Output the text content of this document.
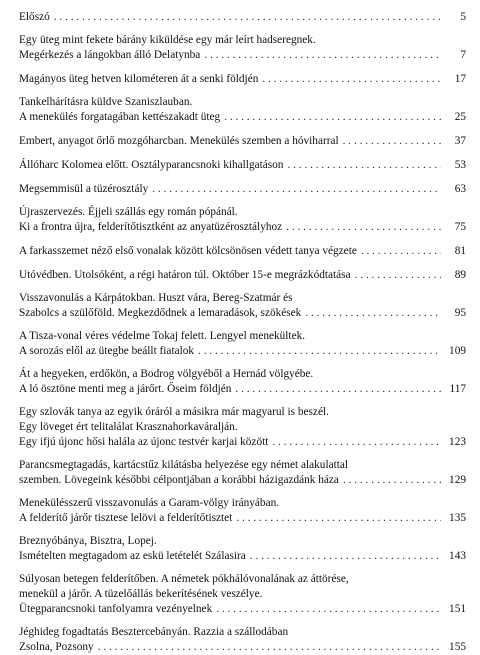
Előszó . . .	5
Egy üteg mint fekete bárány kiküldése egy már leírt hadseregnek.
Megérkezés a lángokban álló Delatynba . . .	7
Magányos üteg hetven kilométeren át a senki földjén . . .	17
Tankelhárításra küldve Szaniszlauban.
A menekülés forgatagában kettészakadt üteg . . .	25
Embert, anyagot őrlő mozgóharcban. Menekülés szemben a hóviharral . . .	37
Állóharc Kolomea előtt. Osztályparancsnoki kihallgatáson . . .	53
Megsemmisül a tüzérosztály . . .	63
Újraszervezés. Éjjeli szállás egy román pópánál.
Ki a frontra újra, felderítőtisztként az anyatüzérosztályhoz . . .	75
A farkasszemet néző első vonalak között kölcsönösen védett tanya végzete . . .	81
Utóvédben. Utolsóként, a régi határon túl. Október 15-e megrázkódtatása . . .	89
Visszavonulás a Kárpátokban. Huszt vára, Bereg-Szatmár és
Szabolcs a szülőföld. Megkezdődnek a lemaradások, szökések . . .	95
A Tisza-vonal véres védelme Tokaj felett. Lengyel menekültek.
A sorozás elől az ütegbe beállt fiatalok . . .	109
Át a hegyeken, erdőkön, a Bodrog völgyéből a Hernád völgyébe.
A ló ösztöne menti meg a járőrt. Őseim földjén . . .	117
Egy szlovák tanya az egyik óráról a másikra már magyarul is beszél.
Egy löveget ért telitalálat Krasznahorkaváralján.
Egy ifjú újonc hősi halála az újonc testvér karjai között . . .	123
Parancsmegtagadás, kartácstűz kilátásba helyezése egy német alakulattal
szemben. Lövegeink későbbi célpontjában a korábbi házigazdánk háza . . .	129
Menekülésszerű visszavonulás a Garam-völgy irányában.
A felderítő járőr tisztese lelövi a felderítőtisztet . . .	135
Breznyóbánya, Bisztra, Lopej.
Ismételten megtagadom az eskü letételét Szálasira . . .	143
Súlyosan betegen felderítőben. A németek pókhálóvonalának az áttörése,
menekül a járőr. A tüzelőállás bekerítésének veszélye.
Ütegparancsnoki tanfolyamra vezényelnek . . .	151
Jéghideg fogadtatás Besztercebányán. Razzia a szállodában
Zsolna, Pozsony . . .	155
